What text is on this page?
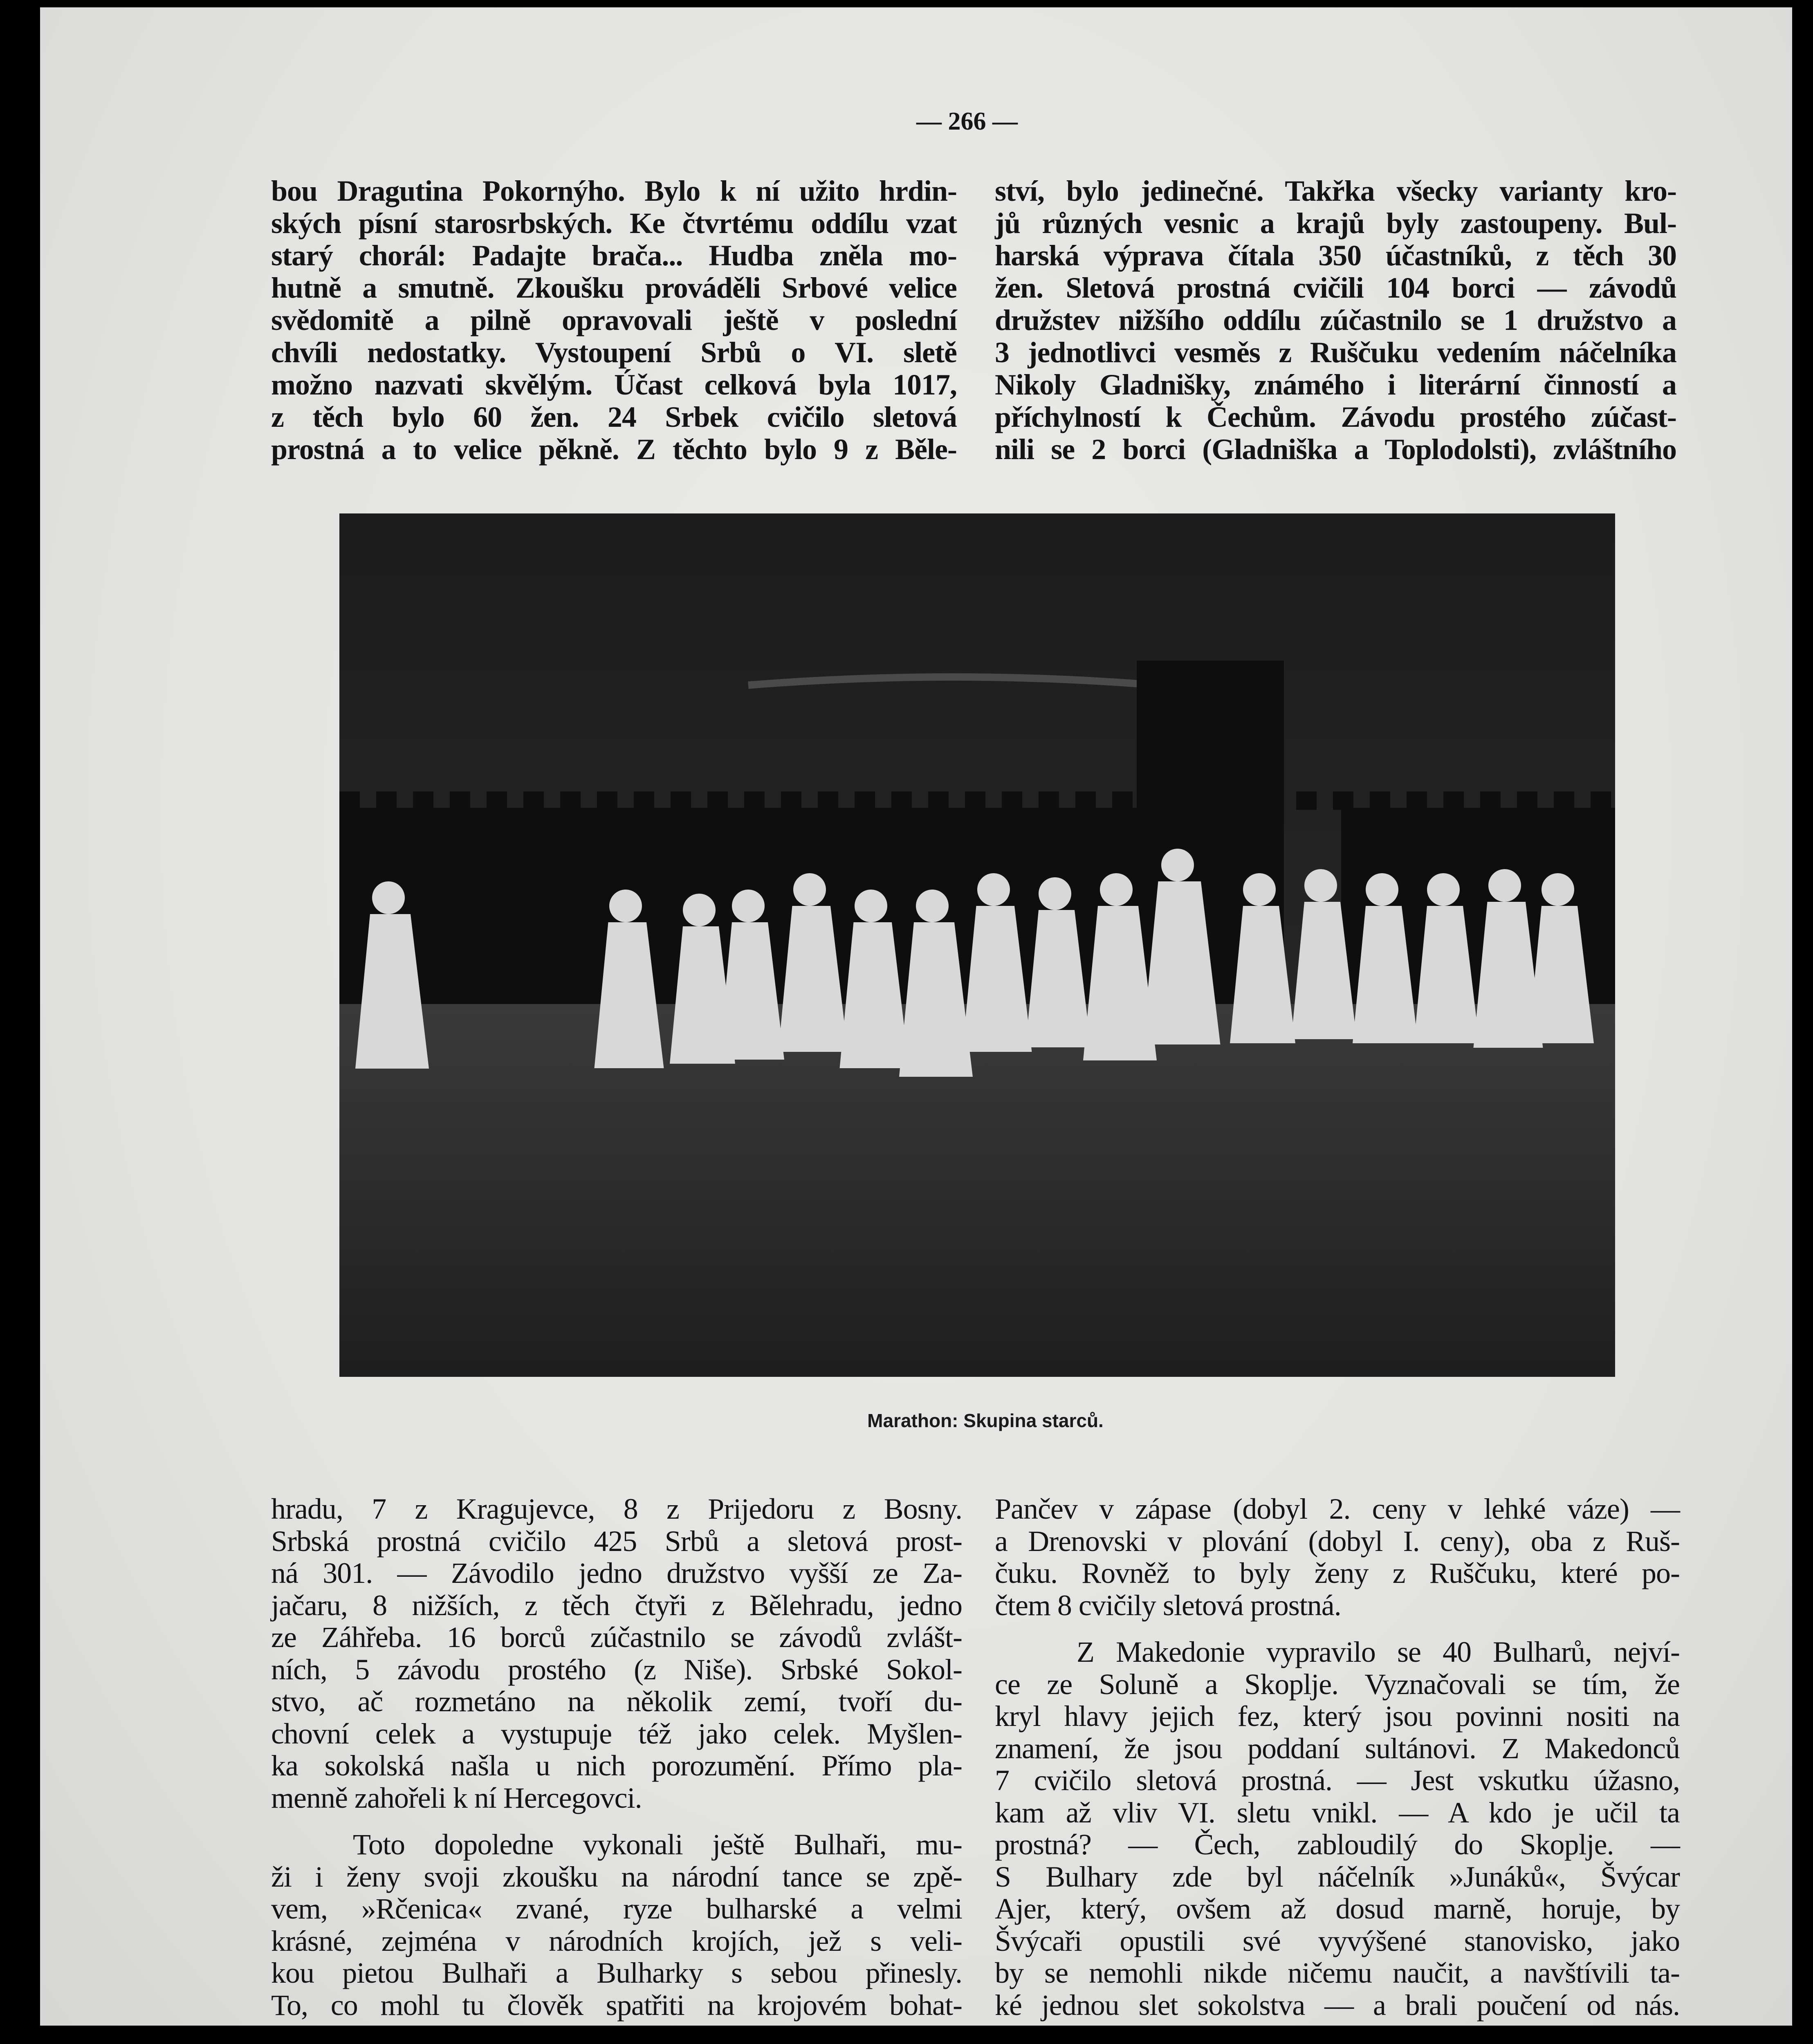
— 266 —
bou Dragutina Pokornýho. Bylo k ní užito hrdin-
ských písní starosrbských. Ke čtvrtému oddílu vzat
starý chorál: Padajte brača... Hudba zněla mo-
hutně a smutně. Zkoušku prováděli Srbové velice
svědomitě a pilně opravovali ještě v poslední
chvíli nedostatky. Vystoupení Srbů o VI. sletě
možno nazvati skvělým. Účast celková byla 1017,
z těch bylo 60 žen. 24 Srbek cvičilo sletová
prostná a to velice pěkně. Z těchto bylo 9 z Běle-
ství, bylo jedinečné. Takřka všecky varianty kro-
jů různých vesnic a krajů byly zastoupeny. Bul-
harská výprava čítala 350 účastníků, z těch 30
žen. Sletová prostná cvičili 104 borci — závodů
družstev nižšího oddílu zúčastnilo se 1 družstvo a
3 jednotlivci vesměs z Ruščuku vedením náčelníka
Nikoly Gladnišky, známého i literární činností a
příchylností k Čechům. Závodu prostého zúčast-
nili se 2 borci (Gladniška a Toplodolsti), zvláštního
Marathon: Skupina starců.
hradu, 7 z Kragujevce, 8 z Prijedoru z Bosny.
Srbská prostná cvičilo 425 Srbů a sletová prost-
ná 301. — Závodilo jedno družstvo vyšší ze Za-
jačaru, 8 nižších, z těch čtyři z Bělehradu, jedno
ze Záhřeba. 16 borců zúčastnilo se závodů zvlášt-
ních, 5 závodu prostého (z Niše). Srbské Sokol-
stvo, ač rozmetáno na několik zemí, tvoří du-
chovní celek a vystupuje též jako celek. Myšlen-
ka sokolská našla u nich porozumění. Přímo pla-
menně zahořeli k ní Hercegovci.
Toto dopoledne vykonali ještě Bulhaři, mu-
ži i ženy svoji zkoušku na národní tance se zpě-
vem, »Rčenica« zvané, ryze bulharské a velmi
krásné, zejména v národních krojích, jež s veli-
kou pietou Bulhaři a Bulharky s sebou přinesly.
To, co mohl tu člověk spatřiti na krojovém bohat-
Pančev v zápase (dobyl 2. ceny v lehké váze) —
a Drenovski v plování (dobyl I. ceny), oba z Ruš-
čuku. Rovněž to byly ženy z Ruščuku, které po-
čtem 8 cvičily sletová prostná.
Z Makedonie vypravilo se 40 Bulharů, nejví-
ce ze Soluně a Skoplje. Vyznačovali se tím, že
kryl hlavy jejich fez, který jsou povinni nositi na
znamení, že jsou poddaní sultánovi. Z Makedonců
7 cvičilo sletová prostná. — Jest vskutku úžasno,
kam až vliv VI. sletu vnikl. — A kdo je učil ta
prostná? — Čech, zabloudilý do Skoplje. —
S Bulhary zde byl náčelník »Junáků«, Švýcar
Ajer, který, ovšem až dosud marně, horuje, by
Švýcaři opustili své vyvýšené stanovisko, jako
by se nemohli nikde ničemu naučit, a navštívili ta-
ké jednou slet sokolstva — a brali poučení od nás.
